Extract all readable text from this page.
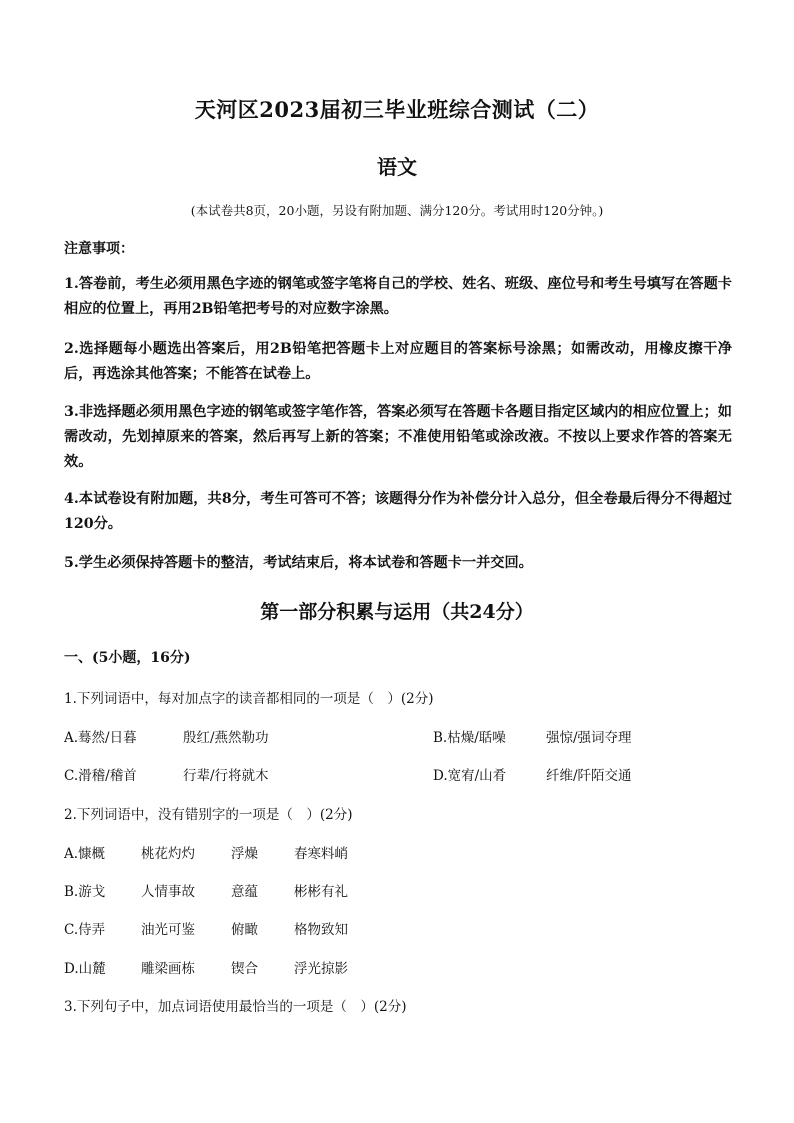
天河区2023届初三毕业班综合测试（二）
语文
(本试卷共8页，20小题，另设有附加题、满分120分。考试用时120分钟。)
注意事项：
1.答卷前，考生必须用黑色字迹的钢笔或签字笔将自己的学校、姓名、班级、座位号和考生号填写在答题卡相应的位置上，再用2B铅笔把考号的对应数字涂黑。
2.选择题每小题选出答案后，用2B铅笔把答题卡上对应题目的答案标号涂黑；如需改动，用橡皮擦干净后，再选涂其他答案；不能答在试卷上。
3.非选择题必须用黑色字迹的钢笔或签字笔作答，答案必须写在答题卡各题目指定区域内的相应位置上；如需改动，先划掉原来的答案，然后再写上新的答案；不准使用铅笔或涂改液。不按以上要求作答的答案无效。
4.本试卷设有附加题，共8分，考生可答可不答；该题得分作为补偿分计入总分，但全卷最后得分不得超过120分。
5.学生必须保持答题卡的整洁，考试结束后，将本试卷和答题卡一并交回。
第一部分积累与运用（共24分）
一、(5小题，16分)
1.下列词语中，每对加点字的读音都相同的一项是（　）(2分)
A.蓦然/日暮	殷红/燕然勒功	B.枯燥/聒噪	强惊/强词夺理
C.滑稽/稽首	行辈/行将就木	D.宽宥/山肴	纤维/阡陌交通
2.下列词语中，没有错别字的一项是（　）(2分)
A.慷概	桃花灼灼	浮燥	春寒料峭
B.游戈	人情事故	意蕴	彬彬有礼
C.侍弄	油光可鉴	俯瞰	格物致知
D.山麓	雕梁画栋	锲合	浮光掠影
3.下列句子中，加点词语使用最恰当的一项是（　）(2分)
